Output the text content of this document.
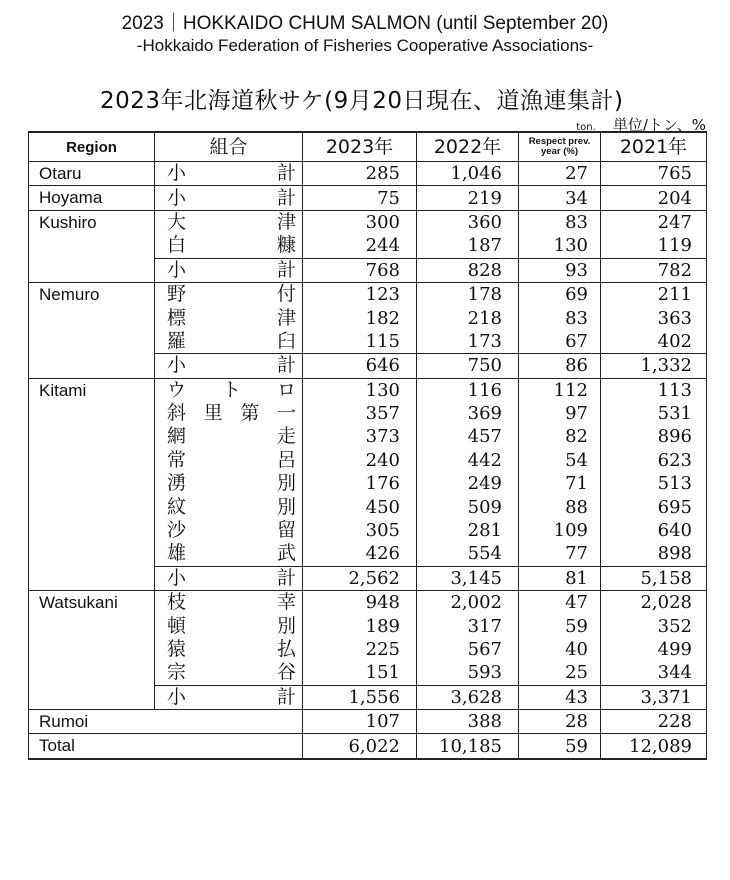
2023｜HOKKAIDO CHUM SALMON (until September 20)
-Hokkaido Federation of Fisheries Cooperative Associations-
2023年北海道秋サケ(9月20日現在、道漁連集計)
ton. 単位/トン、%
Region	組合	2023年	2022年	Respect prev.
year (%)	2021年
Otaru	小 計	285	1,046	27	765
Hoyama	小 計	75	219	34	204
Kushiro	大 津	300	360	83	247

	白 糠	244	187	130	119

	小 計	768	828	93	782
Nemuro	野 付	123	178	69	211

	標 津	182	218	83	363

	羅 臼	115	173	67	402

	小 計	646	750	86	1,332
Kitami	ウ ト ロ	130	116	112	113

	斜 里 第 一	357	369	97	531

	網 走	373	457	82	896

	常 呂	240	442	54	623

	湧 別	176	249	71	513

	紋 別	450	509	88	695

	沙 留	305	281	109	640

	雄 武	426	554	77	898

	小 計	2,562	3,145	81	5,158
Watsukani	枝 幸	948	2,002	47	2,028

	頓 別	189	317	59	352

	猿 払	225	567	40	499

	宗 谷	151	593	25	344

	小 計	1,556	3,628	43	3,371
Rumoi		107	388	28	228
Total		6,022	10,185	59	12,089
